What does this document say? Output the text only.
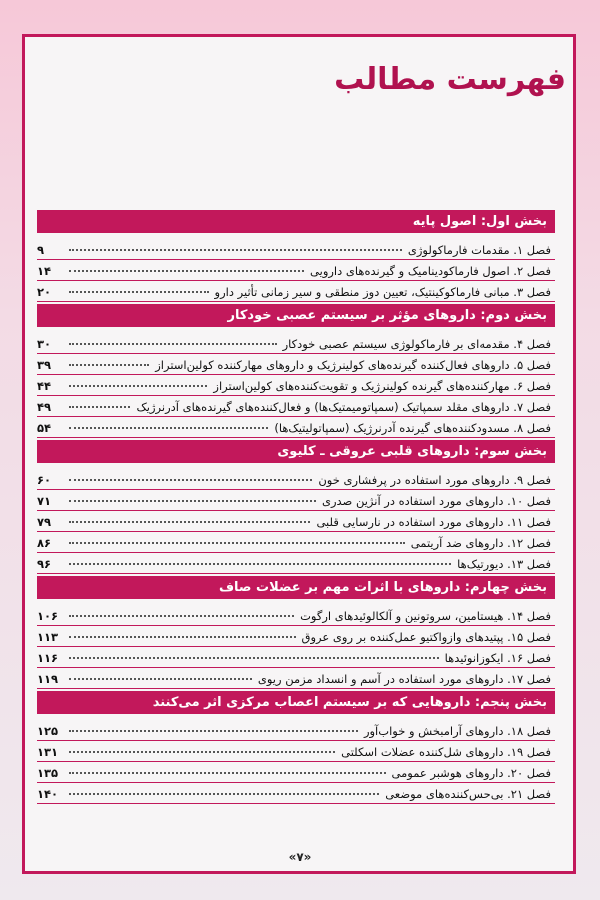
فهرست مطالب
بخش اول: اصول پایه
فصل ۱. مقدمات فارماکولوژی
۹
فصل ۲. اصول فارماکودینامیک و گیرنده‌های دارویی
۱۴
فصل ۳. مبانی فارماکوکینتیک، تعیین دوز منطقی و سیر زمانی تأثیر دارو
۲۰
بخش دوم: داروهای مؤثر بر سیستم عصبی خودکار
فصل ۴. مقدمه‌ای بر فارماکولوژی سیستم عصبی خودکار
۳۰
فصل ۵. داروهای فعال‌کننده گیرنده‌های کولینرژیک و داروهای مهارکننده کولین‌استراز
۳۹
فصل ۶. مهارکننده‌های گیرنده کولینرژیک و تقویت‌کننده‌های کولین‌استراز
۴۴
فصل ۷. داروهای مقلد سمپاتیک (سمپاتومیمتیک‌ها) و فعال‌کننده‌های گیرنده‌های آدرنرژیک
۴۹
فصل ۸. مسدودکننده‌های گیرنده آدرنرژیک (سمپاتولیتیک‌ها)
۵۴
بخش سوم: داروهای قلبی عروقی ـ کلیوی
فصل ۹. داروهای مورد استفاده در پرفشاری خون
۶۰
فصل ۱۰. داروهای مورد استفاده در آنژین صدری
۷۱
فصل ۱۱. داروهای مورد استفاده در نارسایی قلبی
۷۹
فصل ۱۲. داروهای ضد آریتمی
۸۶
فصل ۱۳. دیورتیک‌ها
۹۶
بخش چهارم: داروهای با اثرات مهم بر عضلات صاف
فصل ۱۴. هیستامین، سروتونین و آلکالوئیدهای ارگوت
۱۰۶
فصل ۱۵. پپتیدهای وازواکتیو عمل‌کننده بر روی عروق
۱۱۳
فصل ۱۶. ایکوزانوئیدها
۱۱۶
فصل ۱۷. داروهای مورد استفاده در آسم و انسداد مزمن ریوی
۱۱۹
بخش پنجم: داروهایی که بر سیستم اعصاب مرکزی اثر می‌کنند
فصل ۱۸. داروهای آرامبخش و خواب‌آور
۱۲۵
فصل ۱۹. داروهای شل‌کننده عضلات اسکلتی
۱۳۱
فصل ۲۰. داروهای هوشبر عمومی
۱۳۵
فصل ۲۱. بی‌حس‌کننده‌های موضعی
۱۴۰
«۷»
